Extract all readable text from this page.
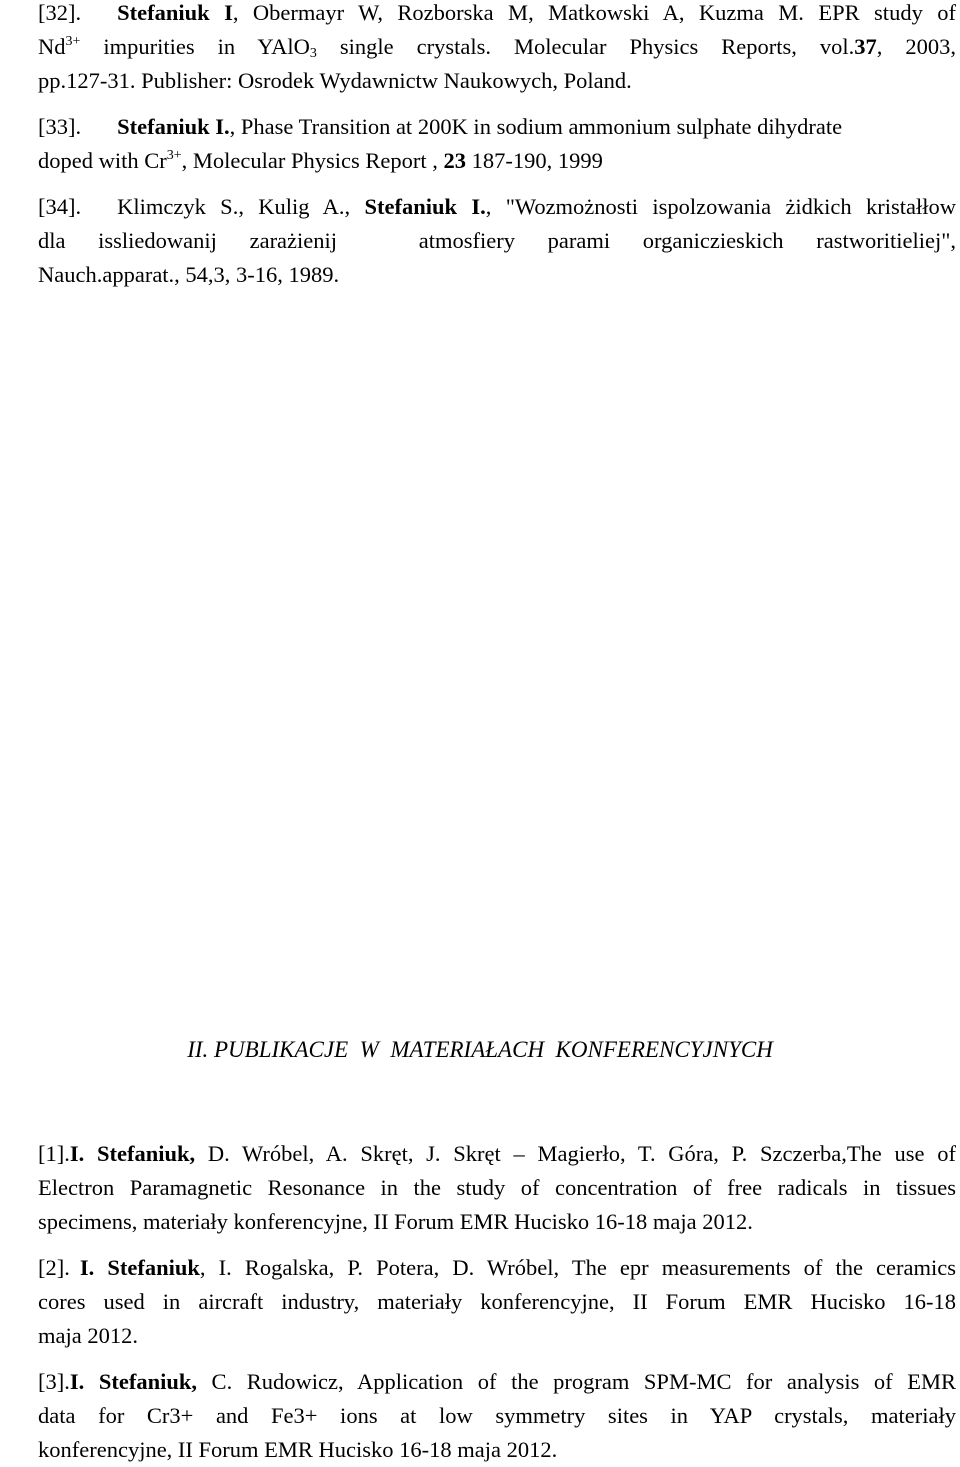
[32]. Stefaniuk I, Obermayr W, Rozborska M, Matkowski A, Kuzma M. EPR study of
$Nd^{3+}$ impurities in YAlO$_3$ single crystals. Molecular Physics Reports, vol.37, 2003,
pp.127-31. Publisher: Osrodek Wydawnictw Naukowych, Poland.
[33]. Stefaniuk I., Phase Transition at 200K in sodium ammonium sulphate dihydrate
doped with $Cr^{3+}$, Molecular Physics Report , 23 187-190, 1999
[34]. Klimczyk S., Kulig A., Stefaniuk I., "Wozmożnosti ispolzowania żidkich kristałłow
dla  issliedowanij  zarażienij     atmosfiery  parami  organiczieskich  rastworitieliej",
Nauch.apparat., 54,3, 3-16, 1989.
II. PUBLIKACJE  W  MATERIAŁACH  KONFERENCYJNYCH
[1].I. Stefaniuk, D. Wróbel, A. Skręt, J. Skręt – Magierło, T. Góra, P. Szczerba,The use of
Electron Paramagnetic Resonance in the study of concentration of free radicals in tissues
specimens, materiały konferencyjne, II Forum EMR Hucisko 16-18 maja 2012.
[2]. I. Stefaniuk, I. Rogalska, P. Potera, D. Wróbel, The epr measurements of the ceramics
cores used in aircraft industry, materiały konferencyjne, II Forum EMR Hucisko 16-18
maja 2012.
[3].I. Stefaniuk, C. Rudowicz, Application of the program SPM-MC for analysis of EMR
data for Cr3+ and Fe3+ ions at low symmetry sites in YAP crystals, materiały
konferencyjne, II Forum EMR Hucisko 16-18 maja 2012.
